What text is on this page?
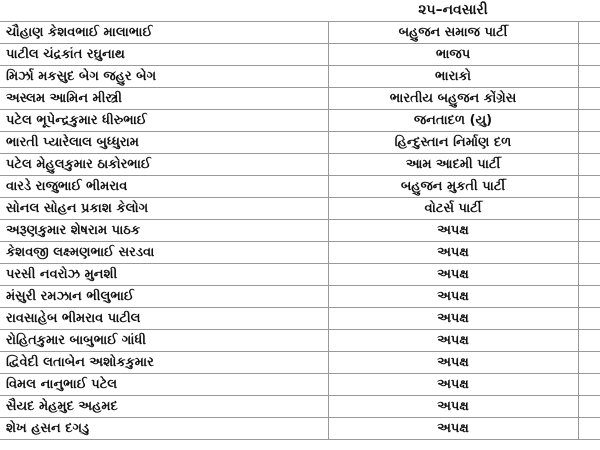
૨૫–નવસારી
ચૌહાણ કેશવભાઈ માલાભાઈ	બહુજન સમાજ પાર્ટી	
પાટીલ ચંદ્રકાંત રઘુનાથ	ભાજપ	
મિર્ઝા મકસુદ બેગ જહુર બેગ	ભારાકો	
અસ્લમ આમિન મીસ્ત્રી	ભારતીય બહુજન કોંગ્રેસ	
પટેલ ભૂપેન્દ્રકુમાર ધીરુભાઈ	જનતાદળ (યુ)	
ભારતી પ્યારેલાલ બુધ્ધુરામ	હિન્દુસ્તાન નિર્માણ દળ	
પટેલ મેહુલકુમાર ઠાકોરભાઈ	આમ આદમી પાર્ટી	
વારડે રાજુભાઈ ભીમરાવ	બહુજન મુકતી પાર્ટી	
સોનલ સોહન પ્રકાશ કેલોગ	વોટર્સ પાર્ટી	
અરૂણકુમાર શેષરામ પાઠક	અપક્ષ	
કેશવજી લક્ષ્મણભાઈ સરડવા	અપક્ષ	
પરસી નવરોઝ મુનશી	અપક્ષ	
મંસુરી રમઝાન ભીલુભાઈ	અપક્ષ	
રાવસાહેબ ભીમરાવ પાટીલ	અપક્ષ	
રોહિતકુમાર બાબુભાઈ ગાંધી	અપક્ષ	
દ્વિવેદી લતાબેન અશોકકુમાર	અપક્ષ	
વિમલ નાનુભાઈ પટેલ	અપક્ષ	
સૈયદ મેહમુદ અહમદ	અપક્ષ	
શેખ હસન દગડુ	અપક્ષ	
